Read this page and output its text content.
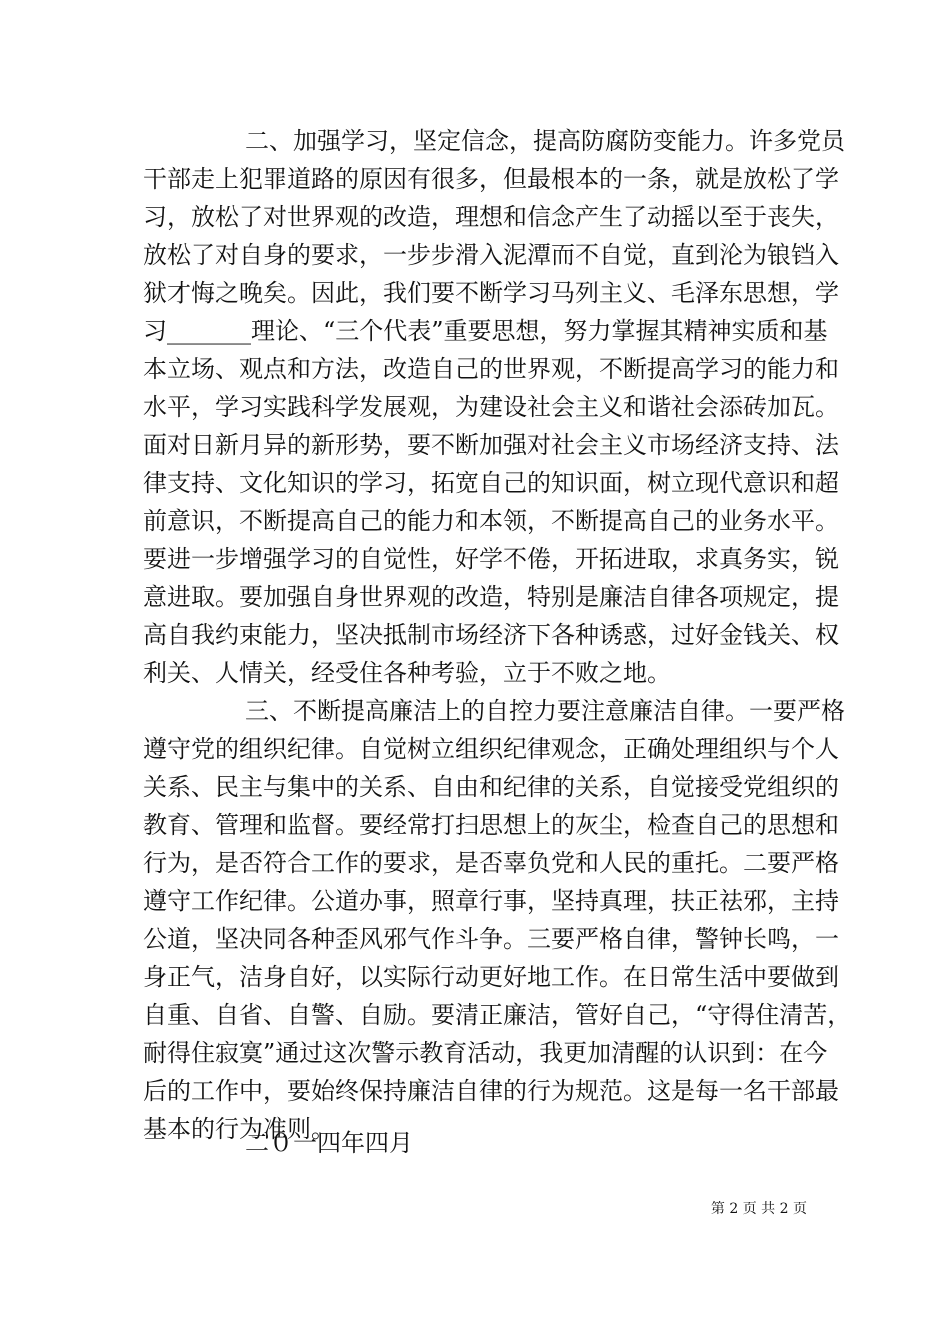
二、加强学习，坚定信念，提高防腐防变能力。许多党员
干部走上犯罪道路的原因有很多，但最根本的一条，就是放松了学
习，放松了对世界观的改造，理想和信念产生了动摇以至于丧失，
放松了对自身的要求，一步步滑入泥潭而不自觉，直到沦为锒铛入
狱才悔之晚矣。因此，我们要不断学习马列主义、毛泽东思想，学
习_______理论、“三个代表”重要思想，努力掌握其精神实质和基
本立场、观点和方法，改造自己的世界观，不断提高学习的能力和
水平，学习实践科学发展观，为建设社会主义和谐社会添砖加瓦。
面对日新月异的新形势，要不断加强对社会主义市场经济支持、法
律支持、文化知识的学习，拓宽自己的知识面，树立现代意识和超
前意识，不断提高自己的能力和本领，不断提高自己的业务水平。
要进一步增强学习的自觉性，好学不倦，开拓进取，求真务实，锐
意进取。要加强自身世界观的改造，特别是廉洁自律各项规定，提
高自我约束能力，坚决抵制市场经济下各种诱惑，过好金钱关、权
利关、人情关，经受住各种考验，立于不败之地。
三、不断提高廉洁上的自控力要注意廉洁自律。一要严格
遵守党的组织纪律。自觉树立组织纪律观念，正确处理组织与个人
关系、民主与集中的关系、自由和纪律的关系，自觉接受党组织的
教育、管理和监督。要经常打扫思想上的灰尘，检查自己的思想和
行为，是否符合工作的要求，是否辜负党和人民的重托。二要严格
遵守工作纪律。公道办事，照章行事，坚持真理，扶正祛邪，主持
公道，坚决同各种歪风邪气作斗争。三要严格自律，警钟长鸣，一
身正气，洁身自好，以实际行动更好地工作。在日常生活中要做到
自重、自省、自警、自励。要清正廉洁，管好自己，“守得住清苦，
耐得住寂寞”通过这次警示教育活动，我更加清醒的认识到：在今
后的工作中，要始终保持廉洁自律的行为规范。这是每一名干部最
基本的行为准则。
二０一四年四月
第 2 页 共 2 页
